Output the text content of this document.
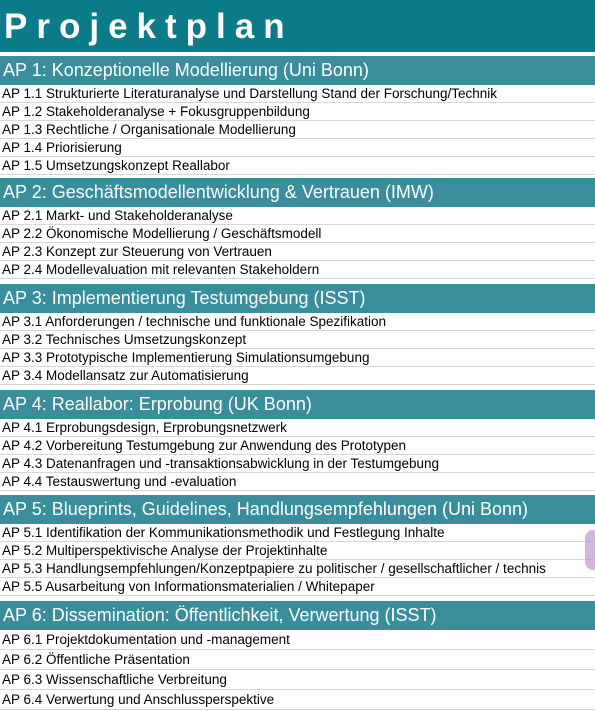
Projektplan
AP 1: Konzeptionelle Modellierung (Uni Bonn)
AP 1.1 Strukturierte Literaturanalyse und Darstellung Stand der Forschung/Technik
AP 1.2 Stakeholderanalyse + Fokusgruppenbildung
AP 1.3 Rechtliche / Organisationale Modellierung
AP 1.4 Priorisierung
AP 1.5 Umsetzungskonzept Reallabor
AP 2: Geschäftsmodellentwicklung & Vertrauen (IMW)
AP 2.1 Markt- und Stakeholderanalyse
AP 2.2 Ökonomische Modellierung / Geschäftsmodell
AP 2.3 Konzept zur Steuerung von Vertrauen
AP 2.4 Modellevaluation mit relevanten Stakeholdern
AP 3: Implementierung Testumgebung (ISST)
AP 3.1 Anforderungen / technische und funktionale Spezifikation
AP 3.2 Technisches Umsetzungskonzept
AP 3.3 Prototypische Implementierung Simulationsumgebung
AP 3.4 Modellansatz zur Automatisierung
AP 4: Reallabor: Erprobung (UK Bonn)
AP 4.1 Erprobungsdesign, Erprobungsnetzwerk
AP 4.2 Vorbereitung Testumgebung zur Anwendung des Prototypen
AP 4.3 Datenanfragen und -transaktionsabwicklung in der Testumgebung
AP 4.4 Testauswertung und -evaluation
AP 5: Blueprints, Guidelines, Handlungsempfehlungen (Uni Bonn)
AP 5.1 Identifikation der Kommunikationsmethodik und Festlegung Inhalte
AP 5.2 Multiperspektivische Analyse der Projektinhalte
AP 5.3 Handlungsempfehlungen/Konzeptpapiere zu politischer / gesellschaftlicher / technis
AP 5.5 Ausarbeitung von Informationsmaterialien / Whitepaper
AP 6: Dissemination: Öffentlichkeit, Verwertung (ISST)
AP 6.1 Projektdokumentation und -management
AP 6.2 Öffentliche Präsentation
AP 6.3 Wissenschaftliche Verbreitung
AP 6.4 Verwertung und Anschlussperspektive
